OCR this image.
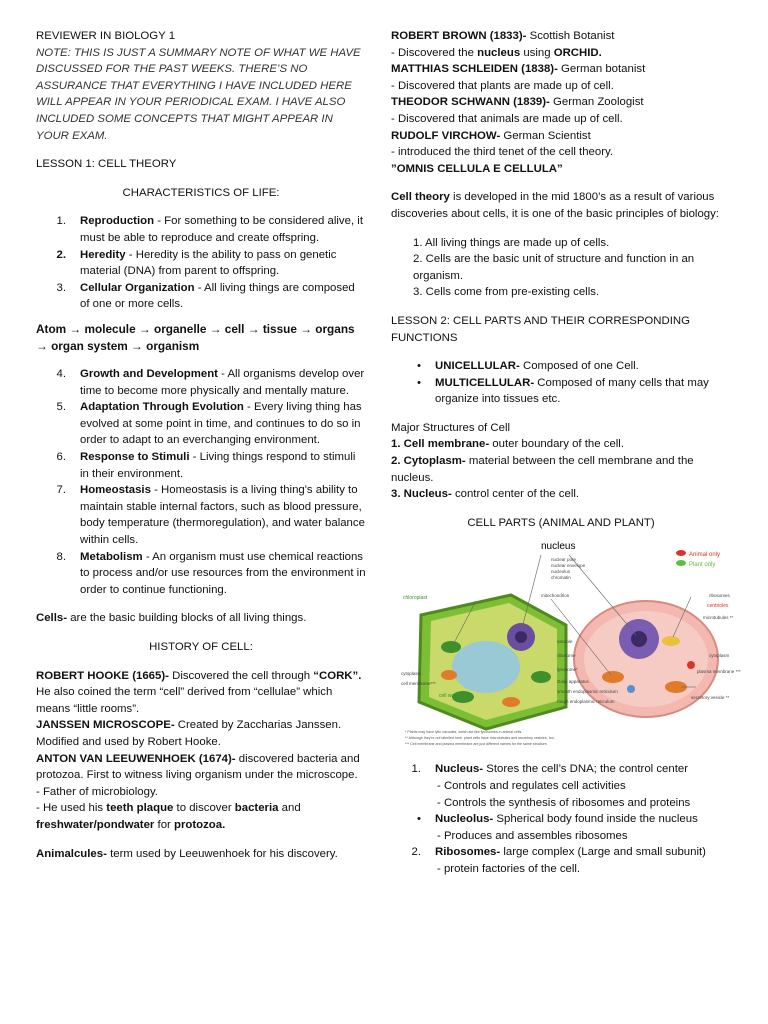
REVIEWER IN BIOLOGY 1

NOTE: THIS IS JUST A SUMMARY NOTE OF WHAT WE HAVE DISCUSSED FOR THE PAST WEEKS. THERE’S NO ASSURANCE THAT EVERYTHING I HAVE INCLUDED HERE WILL APPEAR IN YOUR PERIODICAL EXAM. I HAVE ALSO INCLUDED SOME CONCEPTS THAT MIGHT APPEAR IN YOUR EXAM.

LESSON 1: CELL THEORY

CHARACTERISTICS OF LIFE:

1.	Reproduction - For something to be considered alive, it must be able to reproduce and create offspring.
2.	Heredity - Heredity is the ability to pass on genetic material (DNA) from parent to offspring.
3.	Cellular Organization - All living things are composed of one or more cells.

Atom → molecule → organelle → cell → tissue → organs → organ system → organism

4.	Growth and Development - All organisms develop over time to become more physically and mentally mature.
5.	Adaptation Through Evolution - Every living thing has evolved at some point in time, and continues to do so in order to adapt to an everchanging environment.
6.	Response to Stimuli - Living things respond to stimuli in their environment.
7.	Homeostasis - Homeostasis is a living thing's ability to maintain stable internal factors, such as blood pressure, body temperature (thermoregulation), and water balance within cells.
8.	Metabolism - An organism must use chemical reactions to process and/or use resources from the environment in order to continue functioning.

Cells- are the basic building blocks of all living things.

HISTORY OF CELL:

ROBERT HOOKE (1665)- Discovered the cell through “CORK”. He also coined the term “cell” derived from “cellulae” which means “little rooms”.

JANSSEN MICROSCOPE- Created by Zaccharias Janssen. Modified and used by Robert Hooke.

ANTON VAN LEEUWENHOEK (1674)- discovered bacteria and protozoa. First to witness living organism under the microscope.

- Father of microbiology.

- He used his teeth plaque to discover bacteria and freshwater/pondwater for protozoa.

Animalcules- term used by Leeuwenhoek for his discovery.

ROBERT BROWN (1833)- Scottish Botanist

- Discovered the nucleus using ORCHID.

MATTHIAS SCHLEIDEN (1838)- German botanist

- Discovered that plants are made up of cell.

THEODOR SCHWANN (1839)- German Zoologist

- Discovered that animals are made up of cell.

RUDOLF VIRCHOW- German Scientist

- introduced the third tenet of the cell theory.

”OMNIS CELLULA E CELLULA”

Cell theory is developed in the mid 1800’s as a result of various discoveries about cells, it is one of the basic principles of biology:

1. All living things are made up of cells.

2. Cells are the basic unit of structure and function in an organism.

3. Cells come from pre-existing cells.

LESSON 2: CELL PARTS AND THEIR CORRESPONDING FUNCTIONS

•	UNICELLULAR- Composed of one Cell.
•	MULTICELLULAR- Composed of many cells that may organize into tissues etc.

Major Structures of Cell

1. Cell membrane- outer boundary of the cell.

2. Cytoplasm- material between the cell membrane and the nucleus.

3. Nucleus- control center of the cell.

CELL PARTS (ANIMAL AND PLANT)

nucleus
nuclear pore
nuclear envelope
nucleolus
chromatin
chloroplast	mitochondrion
vacuole
ribosome
lysosome*
Golgi apparatus
smooth endoplasmic reticulum
rough endoplasmic reticulum
cytoplasm
cell membrane***
cell wall
Animal only
Plant only
ribosomes
centrioles
microtubules **
cytoplasm
plasma membrane ***
secretory vesicle **
* Plants may have lytic vacuoles, which act like lysosomes in animal cells.
** Although they're not labelled here, plant cells have microtubules and secretory vesicles, too.
*** Cell membrane and plasma membrane are just different names for the same structure.
1.	Nucleus- Stores the cell’s DNA; the control center

- Controls and regulates cell activities

- Controls the synthesis of ribosomes and proteins

•	Nucleolus- Spherical body found inside the nucleus

- Produces and assembles ribosomes

2.	Ribosomes- large complex (Large and small subunit)

- protein factories of the cell.
